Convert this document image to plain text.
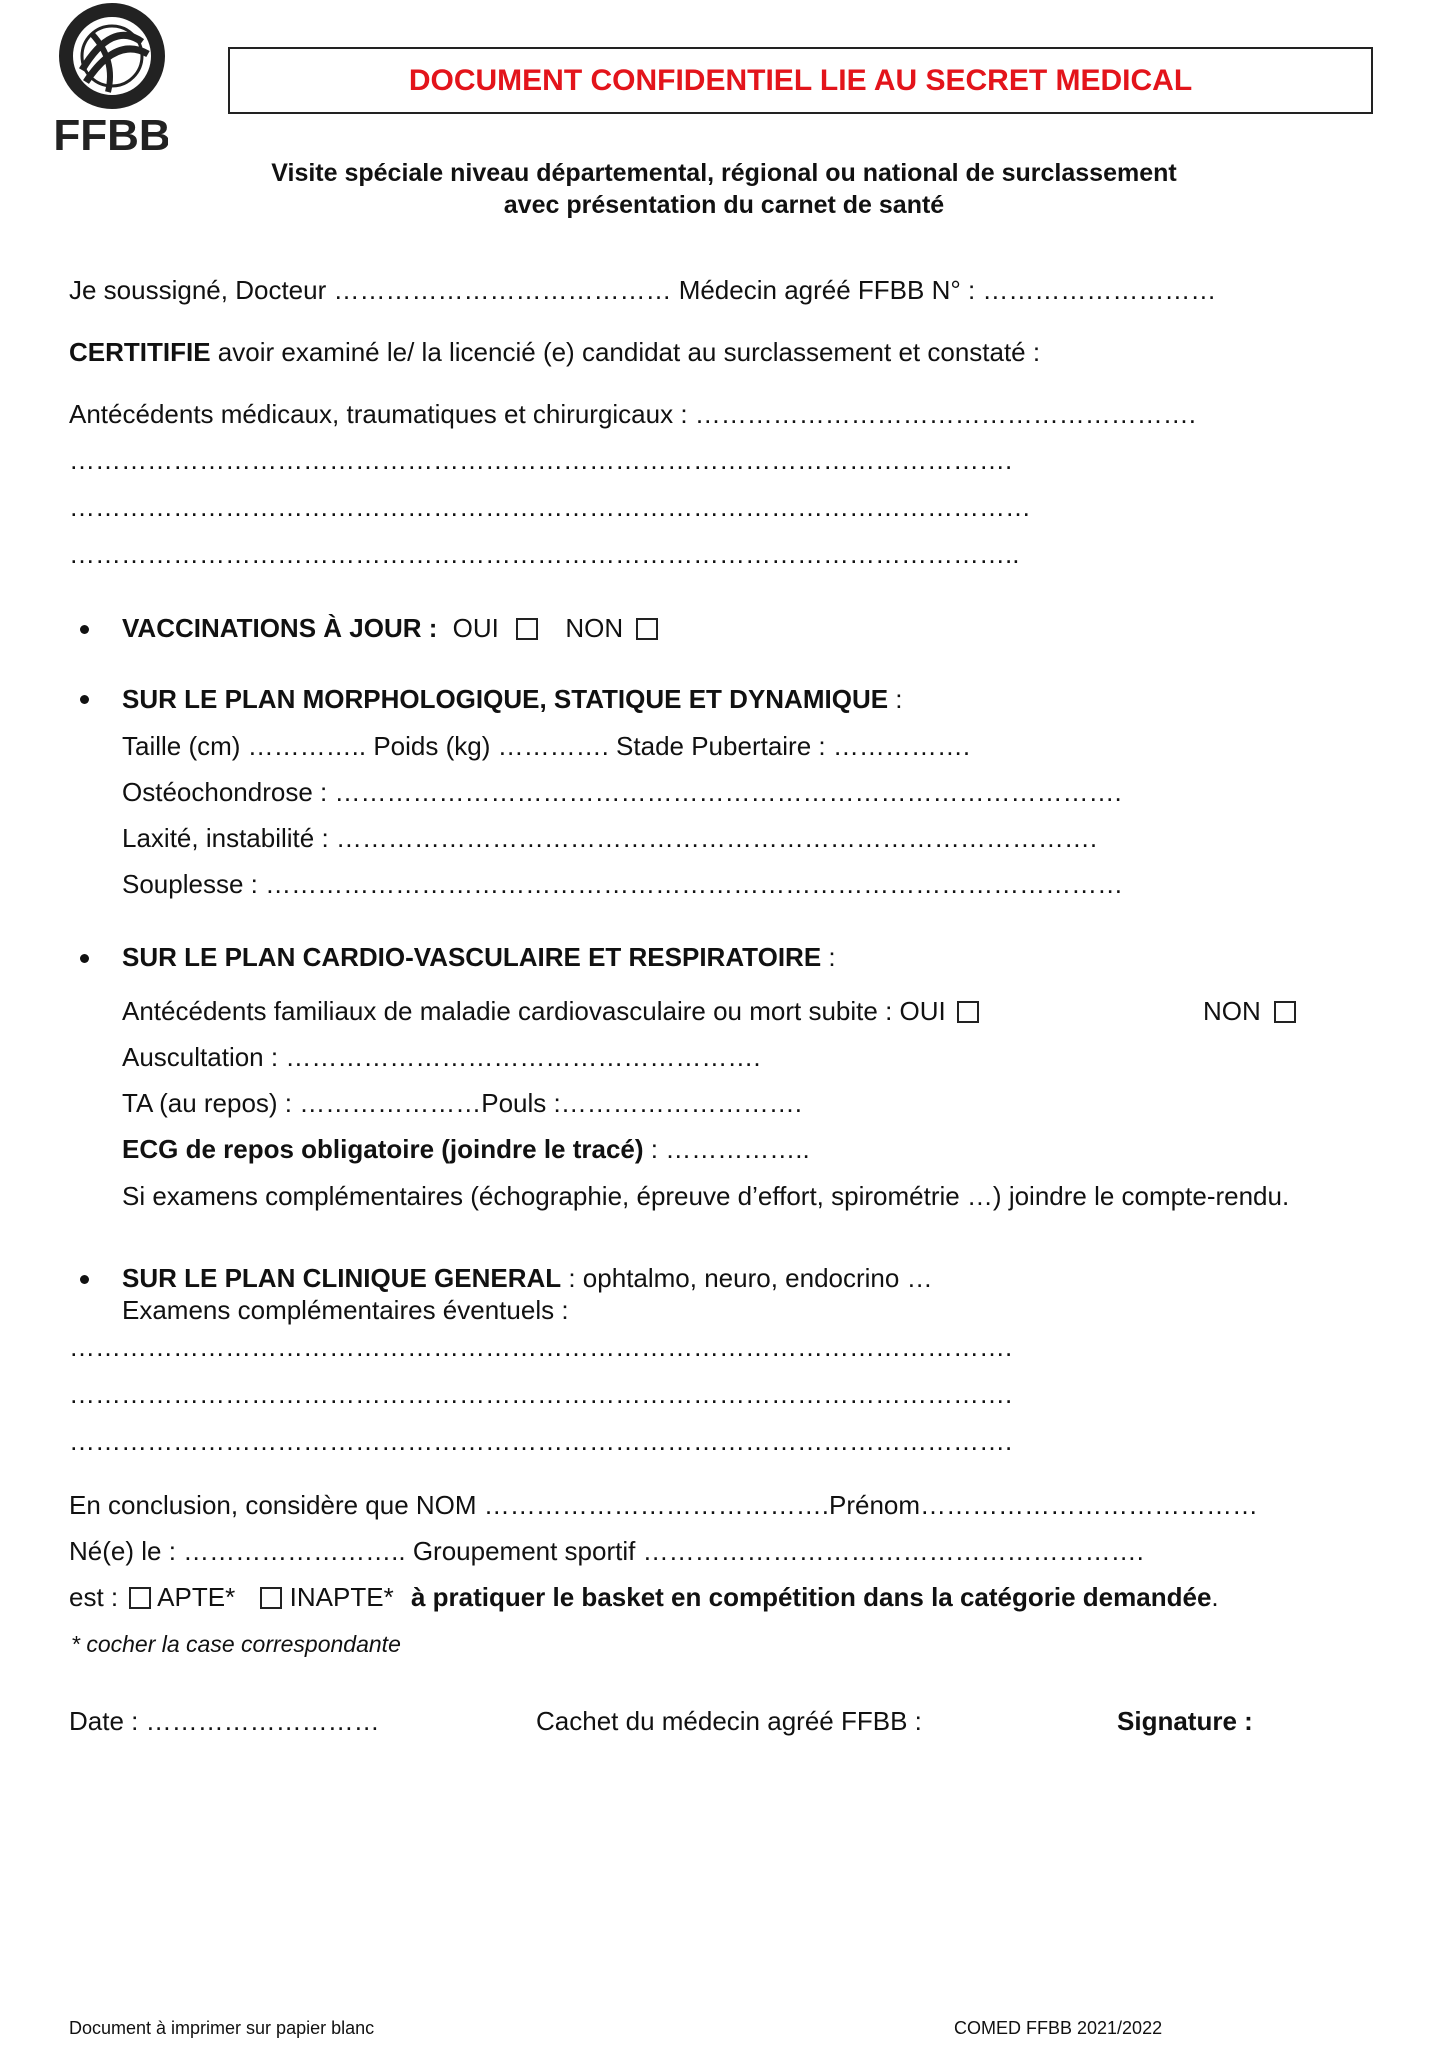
FFBB
DOCUMENT CONFIDENTIEL LIE AU SECRET MEDICAL
Visite spéciale niveau départemental, régional ou national de surclassement
avec présentation du carnet de santé
Je soussigné, Docteur ………………………………… Médecin agréé FFBB N° : ………………………
CERTITIFIE avoir examiné le/ la licencié (e) candidat au surclassement et constaté :
Antécédents médicaux, traumatiques et chirurgicaux : ………………………………………………….
……………………………………………………………………………………………….
…………………………………………………………………………………………………
………………………………………………………………………………………………..
VACCINATIONS À JOUR : OUI	NON
SUR LE PLAN MORPHOLOGIQUE, STATIQUE ET DYNAMIQUE :
Taille (cm) ………….. Poids (kg) …………. Stade Pubertaire : …………….
Ostéochondrose : ……………………………………………………………………………….
Laxité, instabilité : …………………………………………………………………………….
Souplesse : ………………………………………………………………………………………
SUR LE PLAN CARDIO-VASCULAIRE ET RESPIRATOIRE :
Antécédents familiaux de maladie cardiovasculaire ou mort subite : OUI	NON
Auscultation : ……………………………………………….
TA (au repos) : …………………Pouls :……………………….
ECG de repos obligatoire (joindre le tracé) : ……………..
Si examens complémentaires (échographie, épreuve d’effort, spirométrie …) joindre le compte-rendu.
SUR LE PLAN CLINIQUE GENERAL : ophtalmo, neuro, endocrino …
Examens complémentaires éventuels :
……………………………………………………………………………………………….
……………………………………………………………………………………………….
……………………………………………………………………………………………….
En conclusion, considère que NOM ………………………………….Prénom…………………………………
Né(e) le : …………………….. Groupement sportif ………………………………………………….
est : APTE* INAPTE* à pratiquer le basket en compétition dans la catégorie demandée.
* cocher la case correspondante
Date : ………………………	Cachet du médecin agréé FFBB :	Signature :
Document à imprimer sur papier blanc	COMED FFBB 2021/2022
